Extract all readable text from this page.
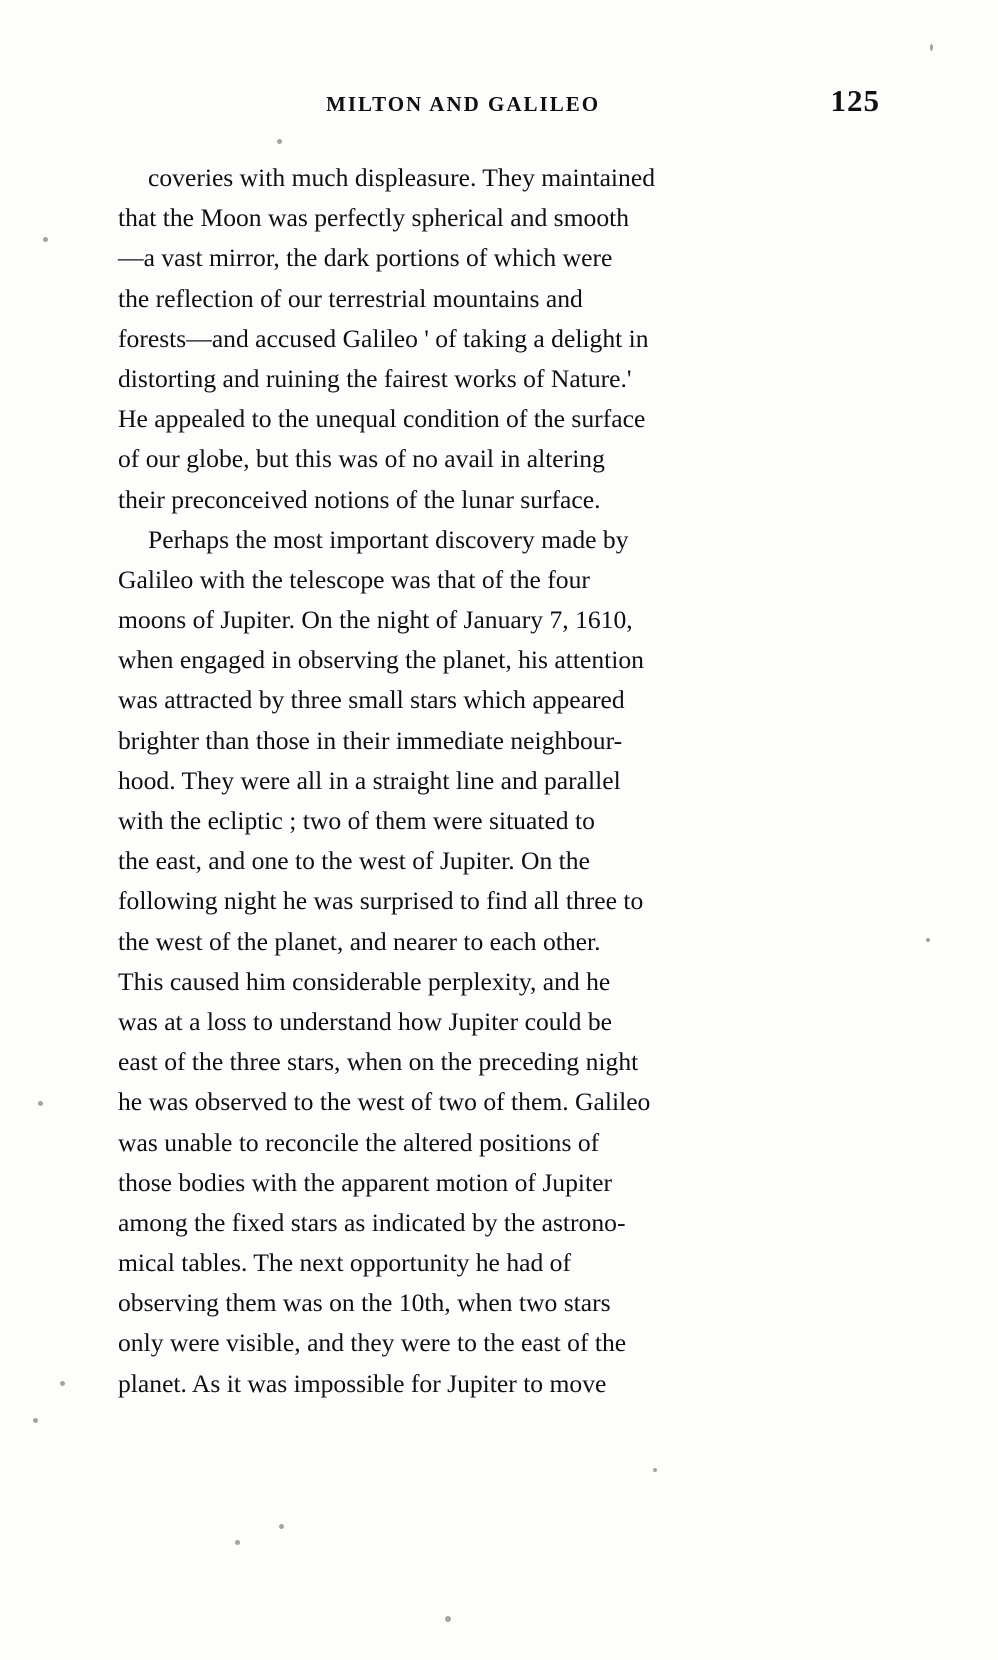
MILTON AND GALILEO	125
coveries with much displeasure. They maintained
that the Moon was perfectly spherical and smooth
—a vast mirror, the dark portions of which were
the reflection of our terrestrial mountains and
forests—and accused Galileo ' of taking a delight in
distorting and ruining the fairest works of Nature.'
He appealed to the unequal condition of the surface
of our globe, but this was of no avail in altering
their preconceived notions of the lunar surface.
Perhaps the most important discovery made by
Galileo with the telescope was that of the four
moons of Jupiter. On the night of January 7, 1610,
when engaged in observing the planet, his attention
was attracted by three small stars which appeared
brighter than those in their immediate neighbour-
hood. They were all in a straight line and parallel
with the ecliptic ; two of them were situated to
the east, and one to the west of Jupiter. On the
following night he was surprised to find all three to
the west of the planet, and nearer to each other.
This caused him considerable perplexity, and he
was at a loss to understand how Jupiter could be
east of the three stars, when on the preceding night
he was observed to the west of two of them. Galileo
was unable to reconcile the altered positions of
those bodies with the apparent motion of Jupiter
among the fixed stars as indicated by the astrono-
mical tables. The next opportunity he had of
observing them was on the 10th, when two stars
only were visible, and they were to the east of the
planet. As it was impossible for Jupiter to move
